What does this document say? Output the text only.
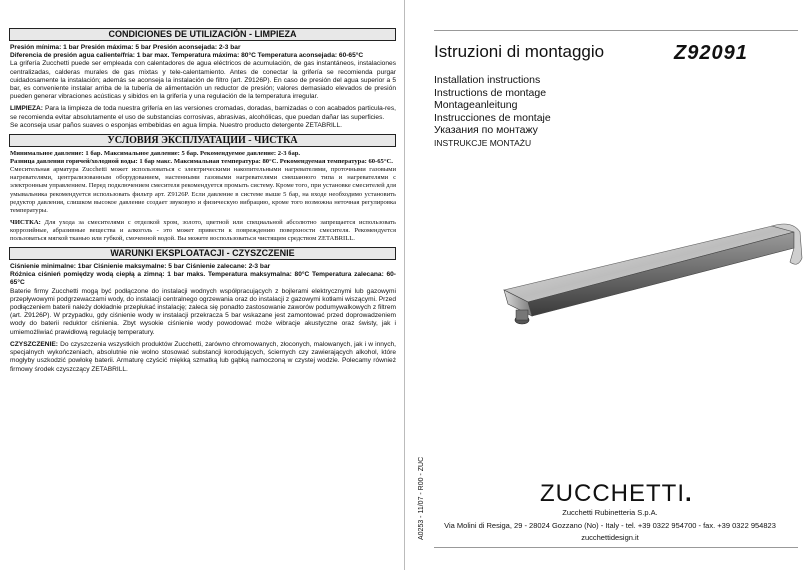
CONDICIONES DE UTILIZACIÓN - LIMPIEZA

Presión mínima: 1 bar Presión máxima: 5 bar Presión aconsejada: 2-3 bar

Diferencia de presión agua caliente/fría: 1 bar max. Temperatura máxima: 80°C Temperatura aconsejada: 60-65°C

La grifería Zucchetti puede ser empleada con calentadores de agua eléctricos de acumulación, de gas instantáneos, instalaciones centralizadas, calderas murales de gas mixtas y tele-calentamiento. Antes de conectar la grifería se recomienda purgar cuidadosamente la instalación; además se aconseja la instalación de filtro (art. Z9126P). En caso de presión del agua superior a 5 bar, es conveniente instalar arriba de la tubería de alimentación un reductor de presión; valores demasiado elevados de presión pueden generar vibraciones acústicas y sibidos en la grifería y una regulación de la temperatura irregular.

LIMPIEZA: Para la limpieza de toda nuestra grifería en las versiones cromadas, doradas, barnizadas o con acabados particula-res, se recomienda evitar absolutamente el uso de substancias corrosivas, abrasivas, alcohólicas, que puedan dañar las superficies.

Se aconseja usar paños suaves o esponjas embebidas en agua limpia. Nuestro producto detergente ZETABRILL.

УСЛОВИЯ ЭКСПЛУАТАЦИИ - ЧИСТКА

Минимальное давление: 1 бар. Максимальное давление: 5 бар. Рекомендуемое давление: 2-3 бар.

Разница давления горячей/холодной воды: 1 бар макс. Максимальная температура: 80°C. Рекомендуемая температура: 60-65°C.

Смесительная арматура Zucchetti может использоваться с электрическими накопительными нагревателями, проточными газовыми нагревателями, централизованным оборудованием, настенными газовыми нагревателями смешанного типа и нагревателями с электронным управлением. Перед подключением смесителя рекомендуется промыть систему. Кроме того, при установке смесителей для умывальника рекомендуется использовать фильтр арт. Z9126P. Если давление в системе выше 5 бар, на входе необходимо установить редуктор давления, слишком высокое давление создает звуковую и физическую вибрацию, кроме того возможна неточная регулировка температуры.

ЧИСТКА: Для ухода за смесителями с отделкой хром, золото, цветной или специальной абсолютно запрещается использовать коррозийные, абразивные вещества и алкоголь - это может привести к повреждению поверхности смесителя. Рекомендуется пользоваться мягкой тканью или губкой, смоченной водой. Вы можете воспользоваться чистящим средством ZETABRILL.

WARUNKI EKSPLOATACJI - CZYSZCZENIE

Ciśnienie minimalne: 1bar Ciśnienie maksymalne: 5 bar Ciśnienie zalecane: 2-3 bar

Różnica ciśnień pomiędzy wodą ciepłą a zimną: 1 bar maks. Temperatura maksymalna: 80°C Temperatura zalecana: 60-65°C

Baterie firmy Zucchetti mogą być podłączone do instalacji wodnych współpracujących z bojlerami elektrycznymi lub gazowymi przepływowymi podgrzewaczami wody, do instalacji centralnego ogrzewania oraz do instalacji z gazowymi kotłami wiszącymi. Przed podłączeniem baterii należy dokładnie przepłukać instalację; zaleca się ponadto zastosowanie zaworów podumywalkowych z filtrem (art. Z9126P). W przypadku, gdy ciśnienie wody w instalacji przekracza 5 bar wskazane jest zamontować przed doprowadzeniem wody do baterii reduktor ciśnienia. Zbyt wysokie ciśnienie wody powodować może wibracje akustyczne oraz świsty, jak i umiemożliwiać prawidłową regulację temperatury.

CZYSZCZENIE: Do czyszczenia wszystkich produktów Zucchetti, zarówno chromowanych, złoconych, malowanych, jak i w innych, specjalnych wykończeniach, absolutnie nie wolno stosować substancji korodujących, ściernych czy zawierających alkohol, które mogłyby uszkodzić powłokę baterii. Armaturę czyścić miękką szmatką lub gąbką namoczoną w czystej wodzie. Polecamy również firmowy środek czyszczący ZETABRILL.

Istruzioni di montaggio	Z92091
Installation instructions
Instructions de montage
Montageanleitung
Instrucciones de montaje
Указания по монтажу
INSTRUKCJE MONTAŻU
A0253 - 11/07 - R00 - ZUC	ZUCCHETTI.
Zucchetti Rubinetteria S.p.A.
Via Molini di Resiga, 29 - 28024 Gozzano (No) - Italy - tel. +39 0322 954700 - fax. +39 0322 954823
zucchettidesign.it
